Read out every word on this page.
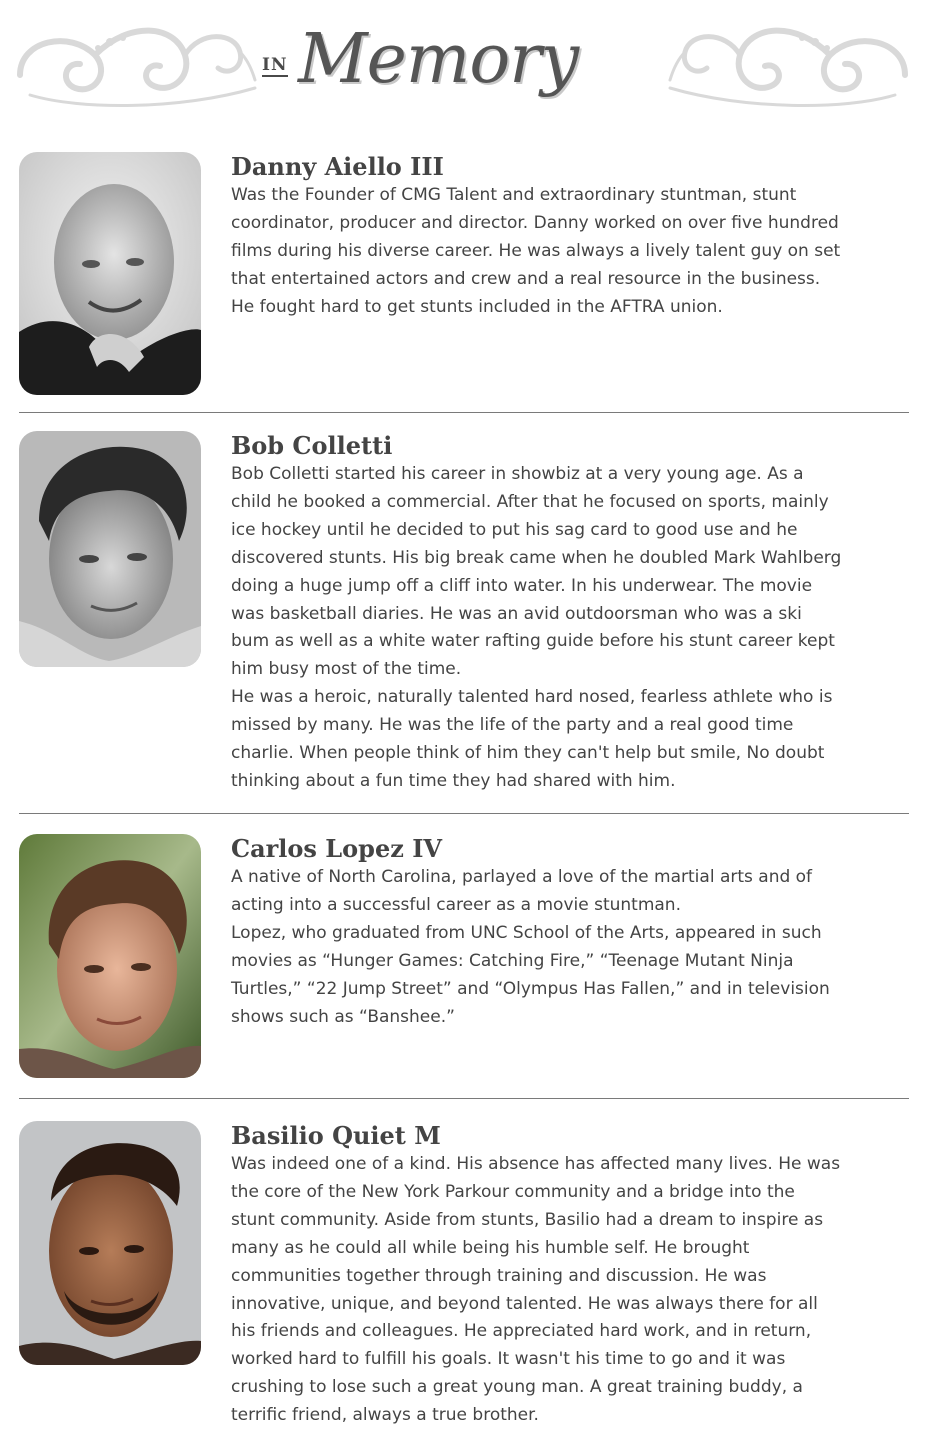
IN Memory
Danny Aiello III

Was the Founder of CMG Talent and extraordinary stuntman, stunt
coordinator, producer and director. Danny worked on over five hundred
films during his diverse career. He was always a lively talent guy on set
that entertained actors and crew and a real resource in the business.
He fought hard to get stunts included in the AFTRA union.

Bob Colletti

Bob Colletti started his career in showbiz at a very young age. As a
child he booked a commercial. After that he focused on sports, mainly
ice hockey until he decided to put his sag card to good use and he
discovered stunts. His big break came when he doubled Mark Wahlberg
doing a huge jump off a cliff into water. In his underwear. The movie
was basketball diaries. He was an avid outdoorsman who was a ski
bum as well as a white water rafting guide before his stunt career kept
him busy most of the time.

He was a heroic, naturally talented hard nosed, fearless athlete who is
missed by many. He was the life of the party and a real good time
charlie. When people think of him they can't help but smile, No doubt
thinking about a fun time they had shared with him.

Carlos Lopez IV

A native of North Carolina, parlayed a love of the martial arts and of
acting into a successful career as a movie stuntman.

Lopez, who graduated from UNC School of the Arts, appeared in such
movies as “Hunger Games: Catching Fire,” “Teenage Mutant Ninja
Turtles,” “22 Jump Street” and “Olympus Has Fallen,” and in television
shows such as “Banshee.”

Basilio Quiet M

Was indeed one of a kind. His absence has affected many lives. He was
the core of the New York Parkour community and a bridge into the
stunt community. Aside from stunts, Basilio had a dream to inspire as
many as he could all while being his humble self. He brought
communities together through training and discussion. He was
innovative, unique, and beyond talented. He was always there for all
his friends and colleagues. He appreciated hard work, and in return,
worked hard to fulfill his goals. It wasn't his time to go and it was
crushing to lose such a great young man. A great training buddy, a
terrific friend, always a true brother.
